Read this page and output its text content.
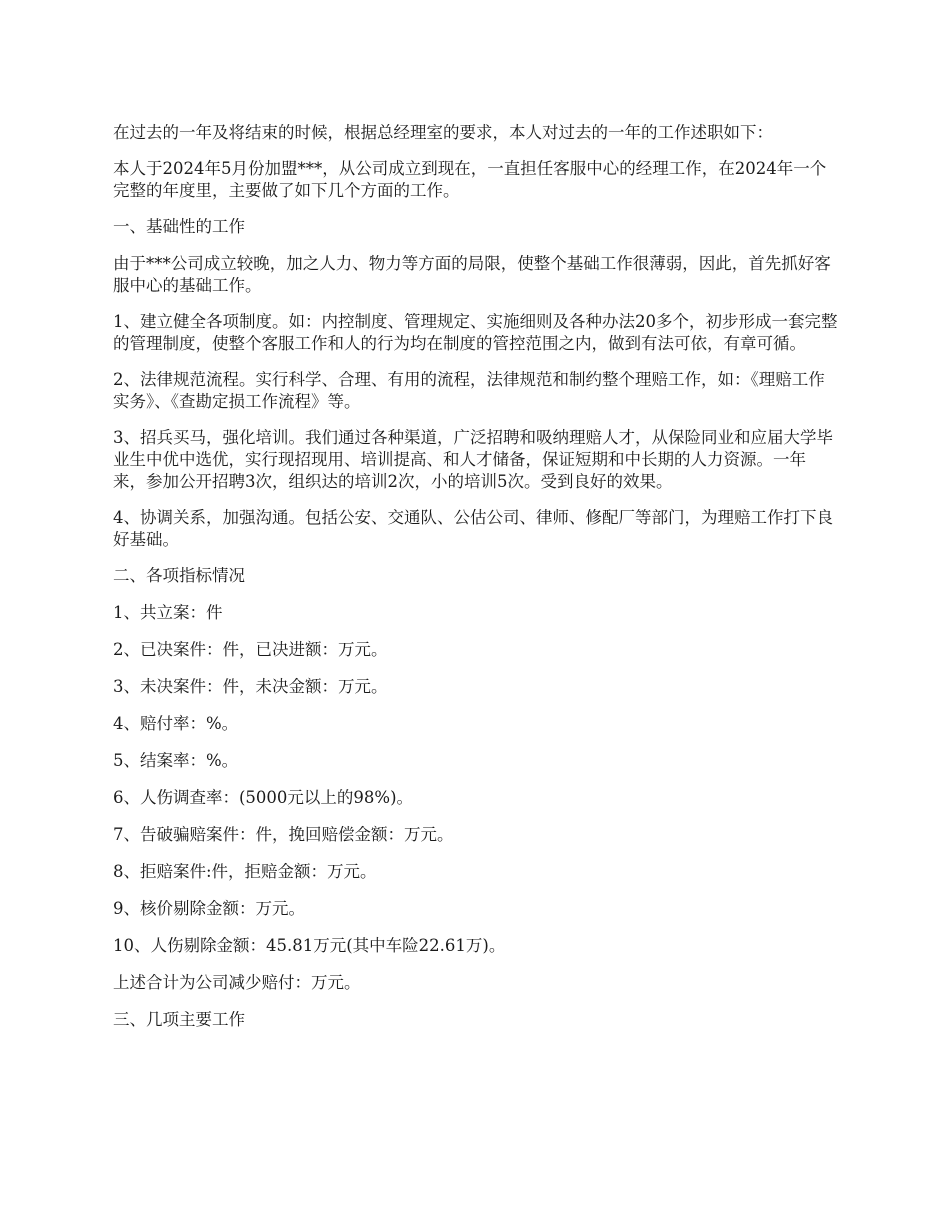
在过去的一年及将结束的时候，根据总经理室的要求，本人对过去的一年的工作述职如下：

本人于2024年5月份加盟***，从公司成立到现在，一直担任客服中心的经理工作，在2024年一个完整的年度里，主要做了如下几个方面的工作。

一、基础性的工作

由于***公司成立较晚，加之人力、物力等方面的局限，使整个基础工作很薄弱，因此，首先抓好客服中心的基础工作。

1、建立健全各项制度。如：内控制度、管理规定、实施细则及各种办法20多个，初步形成一套完整的管理制度，使整个客服工作和人的行为均在制度的管控范围之内，做到有法可依，有章可循。

2、法律规范流程。实行科学、合理、有用的流程，法律规范和制约整个理赔工作，如：《理赔工作实务》、《查勘定损工作流程》等。

3、招兵买马，强化培训。我们通过各种渠道，广泛招聘和吸纳理赔人才，从保险同业和应届大学毕业生中优中选优，实行现招现用、培训提高、和人才储备，保证短期和中长期的人力资源。一年来，参加公开招聘3次，组织达的培训2次，小的培训5次。受到良好的效果。

4、协调关系，加强沟通。包括公安、交通队、公估公司、律师、修配厂等部门，为理赔工作打下良好基础。

二、各项指标情况

1、共立案：件

2、已决案件：件，已决进额：万元。

3、未决案件：件，未决金额：万元。

4、赔付率：%。

5、结案率：%。

6、人伤调查率：(5000元以上的98%)。

7、告破骗赔案件：件，挽回赔偿金额：万元。

8、拒赔案件:件，拒赔金额：万元。

9、核价剔除金额：万元。

10、人伤剔除金额：45.81万元(其中车险22.61万)。

上述合计为公司减少赔付：万元。

三、几项主要工作
